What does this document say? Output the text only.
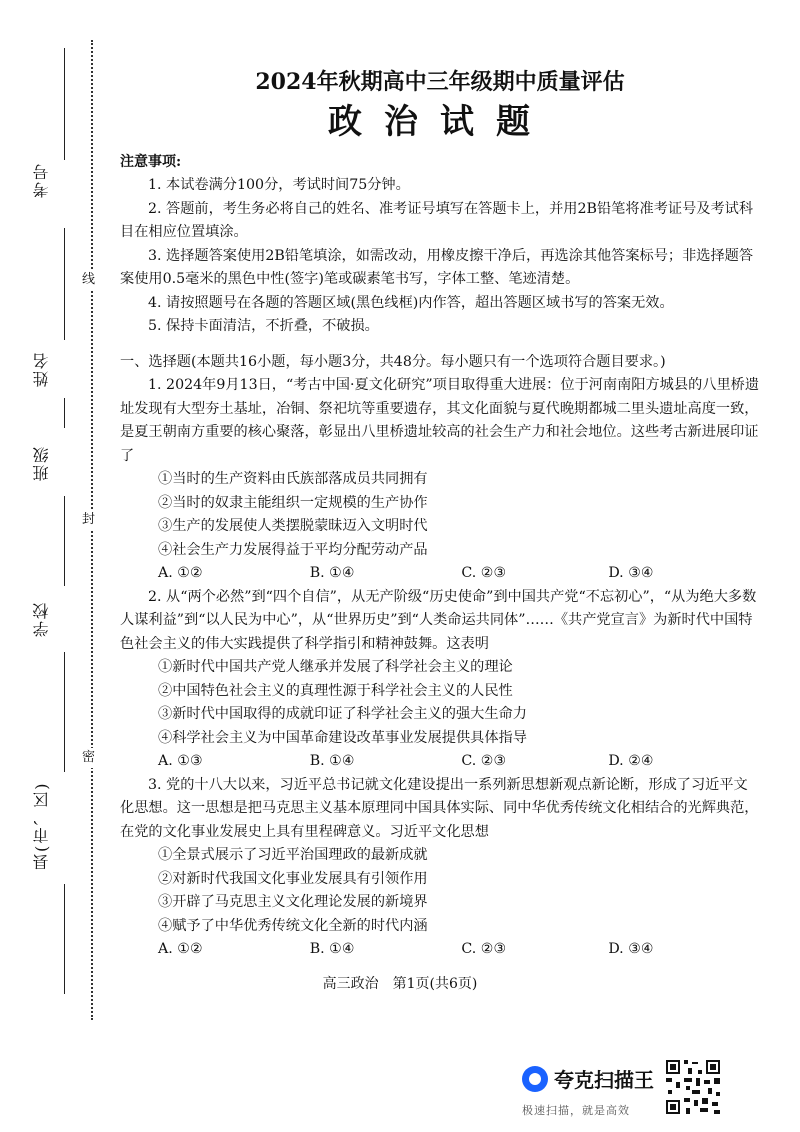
考号
姓名
班级
学校
县(市、区)
线
封
密
2024年秋期高中三年级期中质量评估
政治试题
注意事项:
1. 本试卷满分100分，考试时间75分钟。
2. 答题前，考生务必将自己的姓名、准考证号填写在答题卡上，并用2B铅笔将准考证号及考试科目在相应位置填涂。
3. 选择题答案使用2B铅笔填涂，如需改动，用橡皮擦干净后，再选涂其他答案标号；非选择题答案使用0.5毫米的黑色中性(签字)笔或碳素笔书写，字体工整、笔迹清楚。
4. 请按照题号在各题的答题区域(黑色线框)内作答，超出答题区域书写的答案无效。
5. 保持卡面清洁，不折叠，不破损。
一、选择题(本题共16小题，每小题3分，共48分。每小题只有一个选项符合题目要求。)
1. 2024年9月13日，“考古中国·夏文化研究”项目取得重大进展：位于河南南阳方城县的八里桥遗址发现有大型夯土基址，冶铜、祭祀坑等重要遗存，其文化面貌与夏代晚期都城二里头遗址高度一致，是夏王朝南方重要的核心聚落，彰显出八里桥遗址较高的社会生产力和社会地位。这些考古新进展印证了
①当时的生产资料由氏族部落成员共同拥有
②当时的奴隶主能组织一定规模的生产协作
③生产的发展使人类摆脱蒙昧迈入文明时代
④社会生产力发展得益于平均分配劳动产品
A. ①②	B. ①④	C. ②③	D. ③④
2. 从“两个必然”到“四个自信”，从无产阶级“历史使命”到中国共产党“不忘初心”，“从为绝大多数人谋利益”到“以人民为中心”，从“世界历史”到“人类命运共同体”……《共产党宣言》为新时代中国特色社会主义的伟大实践提供了科学指引和精神鼓舞。这表明
①新时代中国共产党人继承并发展了科学社会主义的理论
②中国特色社会主义的真理性源于科学社会主义的人民性
③新时代中国取得的成就印证了科学社会主义的强大生命力
④科学社会主义为中国革命建设改革事业发展提供具体指导
A. ①③	B. ①④	C. ②③	D. ②④
3. 党的十八大以来，习近平总书记就文化建设提出一系列新思想新观点新论断，形成了习近平文化思想。这一思想是把马克思主义基本原理同中国具体实际、同中华优秀传统文化相结合的光辉典范，在党的文化事业发展史上具有里程碑意义。习近平文化思想
①全景式展示了习近平治国理政的最新成就
②对新时代我国文化事业发展具有引领作用
③开辟了马克思主义文化理论发展的新境界
④赋予了中华优秀传统文化全新的时代内涵
A. ①②	B. ①④	C. ②③	D. ③④
高三政治　第1页(共6页)
夸克扫描王
极速扫描，就是高效
